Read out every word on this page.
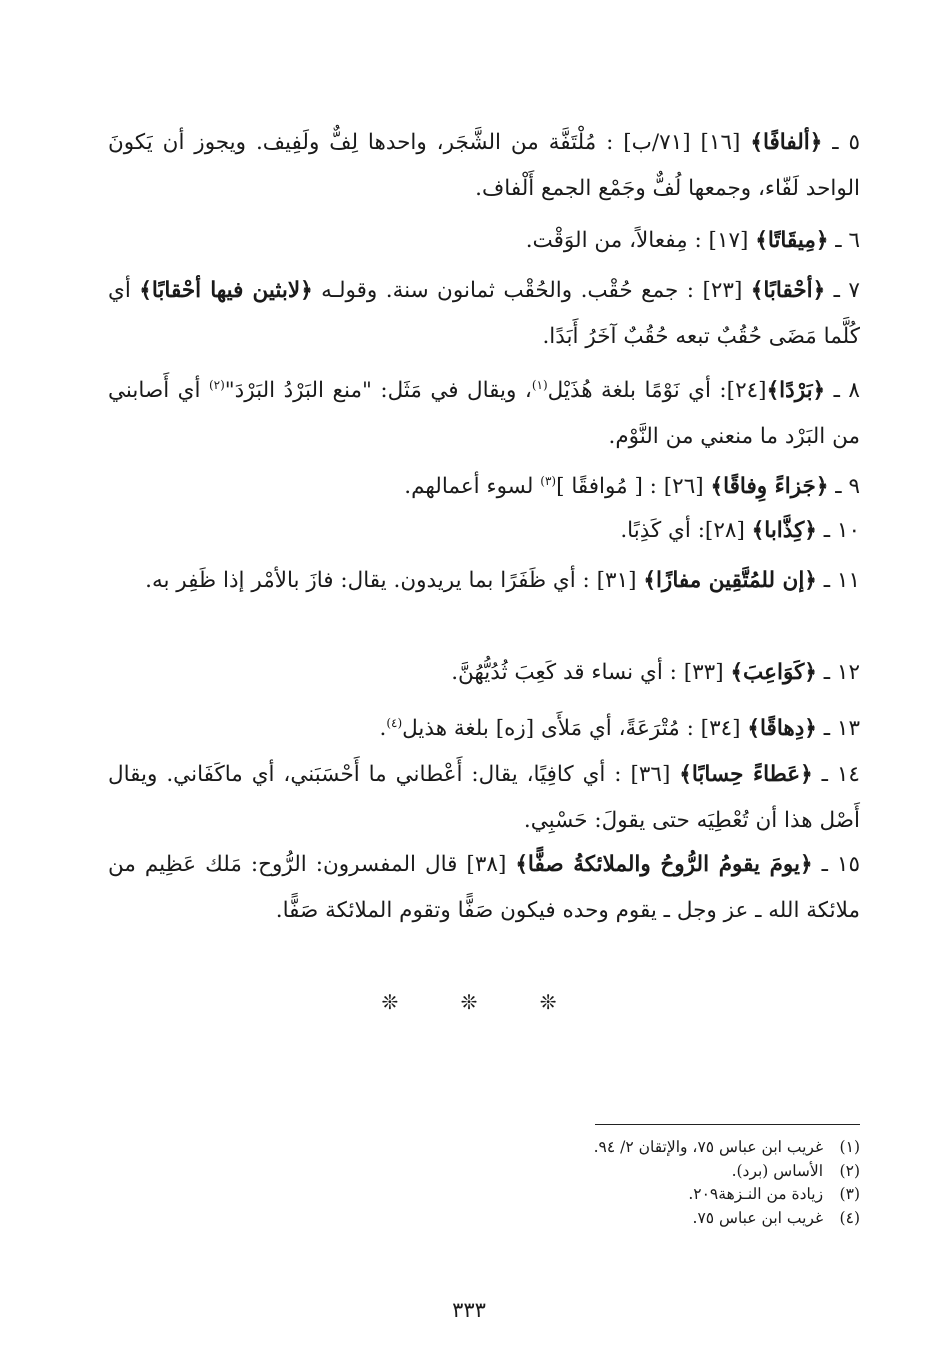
٥ ـ ﴿ألفافًا﴾ [١٦] [٧١/ب] : مُلْتَفَّة من الشَّجَر، واحدها لِفٌّ ولَفِيف. ويجوز أن يَكونَ الواحد لَفّاء، وجمعها لُفٌّ وجَمْع الجمع أَلْفاف.
٦ ـ ﴿مِيقَاتًا﴾ [١٧] : مِفعالاً، من الوَقْت.
٧ ـ ﴿أحْقابًا﴾ [٢٣] : جمع حُقْب. والحُقْب ثمانون سنة. وقولـه ﴿لابثين فيها أحْقابًا﴾ أي كُلَّما مَضَى حُقُبٌ تبعه حُقُبٌ آخَرُ أَبَدًا.
٨ ـ ﴿بَرْدًا﴾[٢٤]: أي نَوْمًا بلغة هُذَيْل$^{(١)}$، ويقال في مَثَل: "منع البَرْدُ البَرْدَ"$^{(٢)}$ أي أَصابني من البَرْد ما منعني من النَّوْم.
٩ ـ ﴿جَزاءً وِفاقًا﴾ [٢٦] : [ مُوافقًا ]$^{(٣)}$ لسوء أعمالهم.
١٠ ـ ﴿كِذَّابا﴾ [٢٨]: أي كَذِبًا.
١١ ـ ﴿إن للمُتَّقِين مفازًا﴾ [٣١] : أي ظَفَرًا بما يريدون. يقال: فازَ بالأمْر إذا ظَفِر به.
١٢ ـ ﴿كَوَاعِبَ﴾ [٣٣] : أي نساء قد كَعِبَ ثُدُيُّهُنَّ.
١٣ ـ ﴿دِهاقًا﴾ [٣٤] : مُتْرَعَةً، أي مَلأَى [زه] بلغة هذيل$^{(٤)}$.
١٤ ـ ﴿عَطاءً حِسابًا﴾ [٣٦] : أي كافِيًا، يقال: أَعْطاني ما أَحْسَبَني، أي ماكَفَاني. ويقال أَصْل هذا أن تُعْطِيَه حتى يقولَ: حَسْبِي.
١٥ ـ ﴿يومَ يقومُ الرُّوحُ والملائكةُ صفًّا﴾ [٣٨] قال المفسرون: الرُّوح: مَلك عَظِيم من ملائكة الله ـ عز وجل ـ يقوم وحده فيكون صَفًّا وتقوم الملائكة صَفًّا.
❊	❊	❊
(١) غريب ابن عباس ٧٥، والإتقان ٢/ ٩٤.
(٢) الأساس (برد).
(٣) زيادة من النـزهة٢٠٩.
(٤) غريب ابن عباس ٧٥.
٣٣٣
